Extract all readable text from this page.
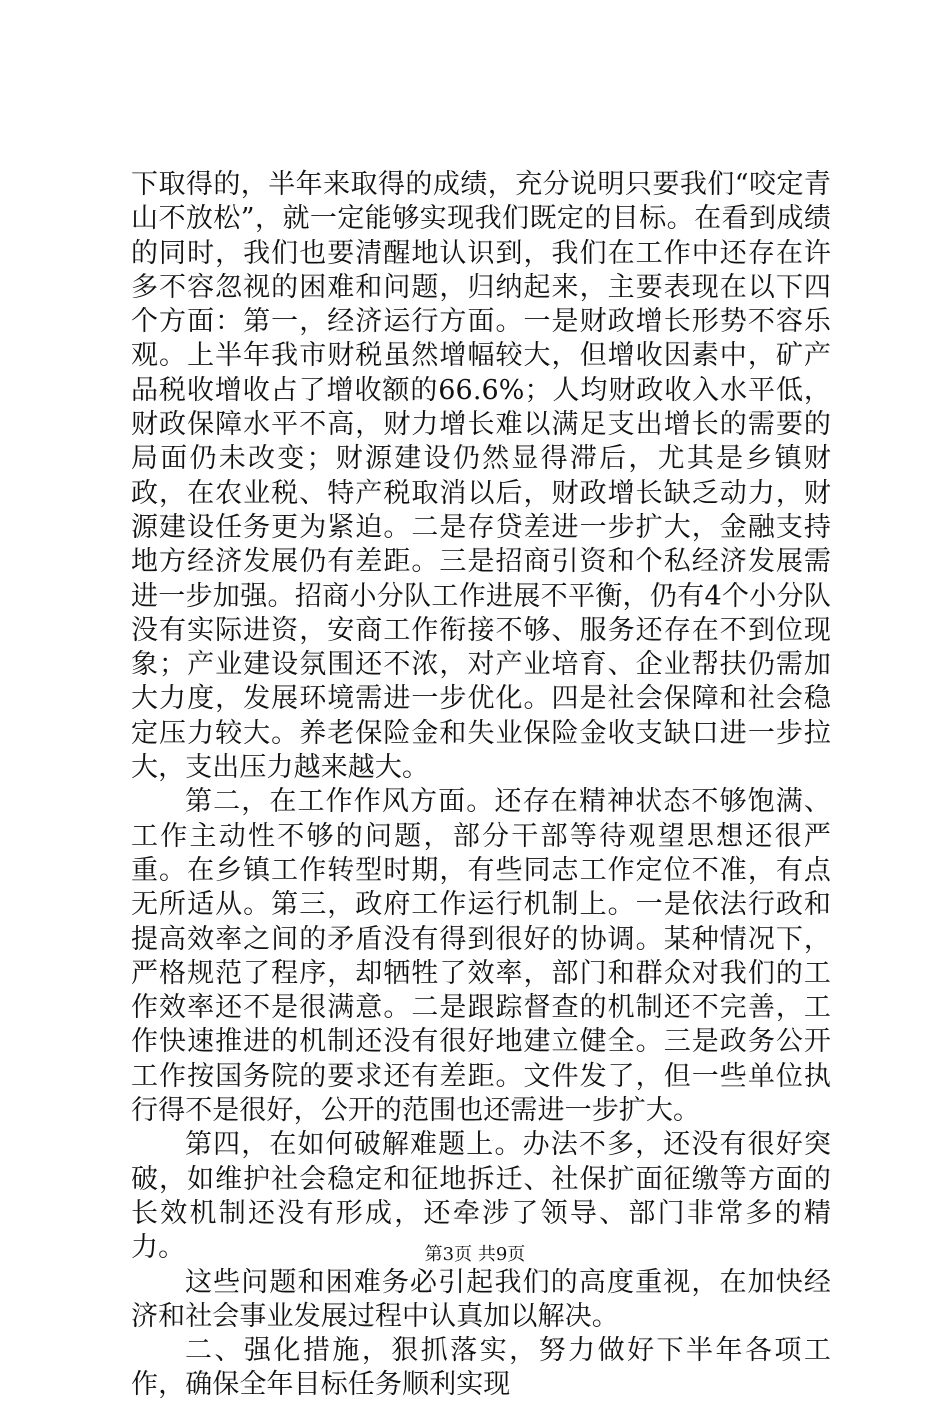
下取得的，半年来取得的成绩，充分说明只要我们“咬定青山不放松”，就一定能够实现我们既定的目标。在看到成绩的同时，我们也要清醒地认识到，我们在工作中还存在许多不容忽视的困难和问题，归纳起来，主要表现在以下四个方面：第一，经济运行方面。一是财政增长形势不容乐观。上半年我市财税虽然增幅较大，但增收因素中，矿产品税收增收占了增收额的66.6%；人均财政收入水平低，财政保障水平不高，财力增长难以满足支出增长的需要的局面仍未改变；财源建设仍然显得滞后，尤其是乡镇财政，在农业税、特产税取消以后，财政增长缺乏动力，财源建设任务更为紧迫。二是存贷差进一步扩大，金融支持地方经济发展仍有差距。三是招商引资和个私经济发展需进一步加强。招商小分队工作进展不平衡，仍有4个小分队没有实际进资，安商工作衔接不够、服务还存在不到位现象；产业建设氛围还不浓，对产业培育、企业帮扶仍需加大力度，发展环境需进一步优化。四是社会保障和社会稳定压力较大。养老保险金和失业保险金收支缺口进一步拉大，支出压力越来越大。

第二，在工作作风方面。还存在精神状态不够饱满、工作主动性不够的问题，部分干部等待观望思想还很严重。在乡镇工作转型时期，有些同志工作定位不准，有点无所适从。第三，政府工作运行机制上。一是依法行政和提高效率之间的矛盾没有得到很好的协调。某种情况下，严格规范了程序，却牺牲了效率，部门和群众对我们的工作效率还不是很满意。二是跟踪督查的机制还不完善，工作快速推进的机制还没有很好地建立健全。三是政务公开工作按国务院的要求还有差距。文件发了，但一些单位执行得不是很好，公开的范围也还需进一步扩大。

第四，在如何破解难题上。办法不多，还没有很好突破，如维护社会稳定和征地拆迁、社保扩面征缴等方面的长效机制还没有形成，还牵涉了领导、部门非常多的精力。

这些问题和困难务必引起我们的高度重视，在加快经济和社会事业发展过程中认真加以解决。

二、强化措施，狠抓落实，努力做好下半年各项工作，确保全年目标任务顺利实现

第3页 共9页
